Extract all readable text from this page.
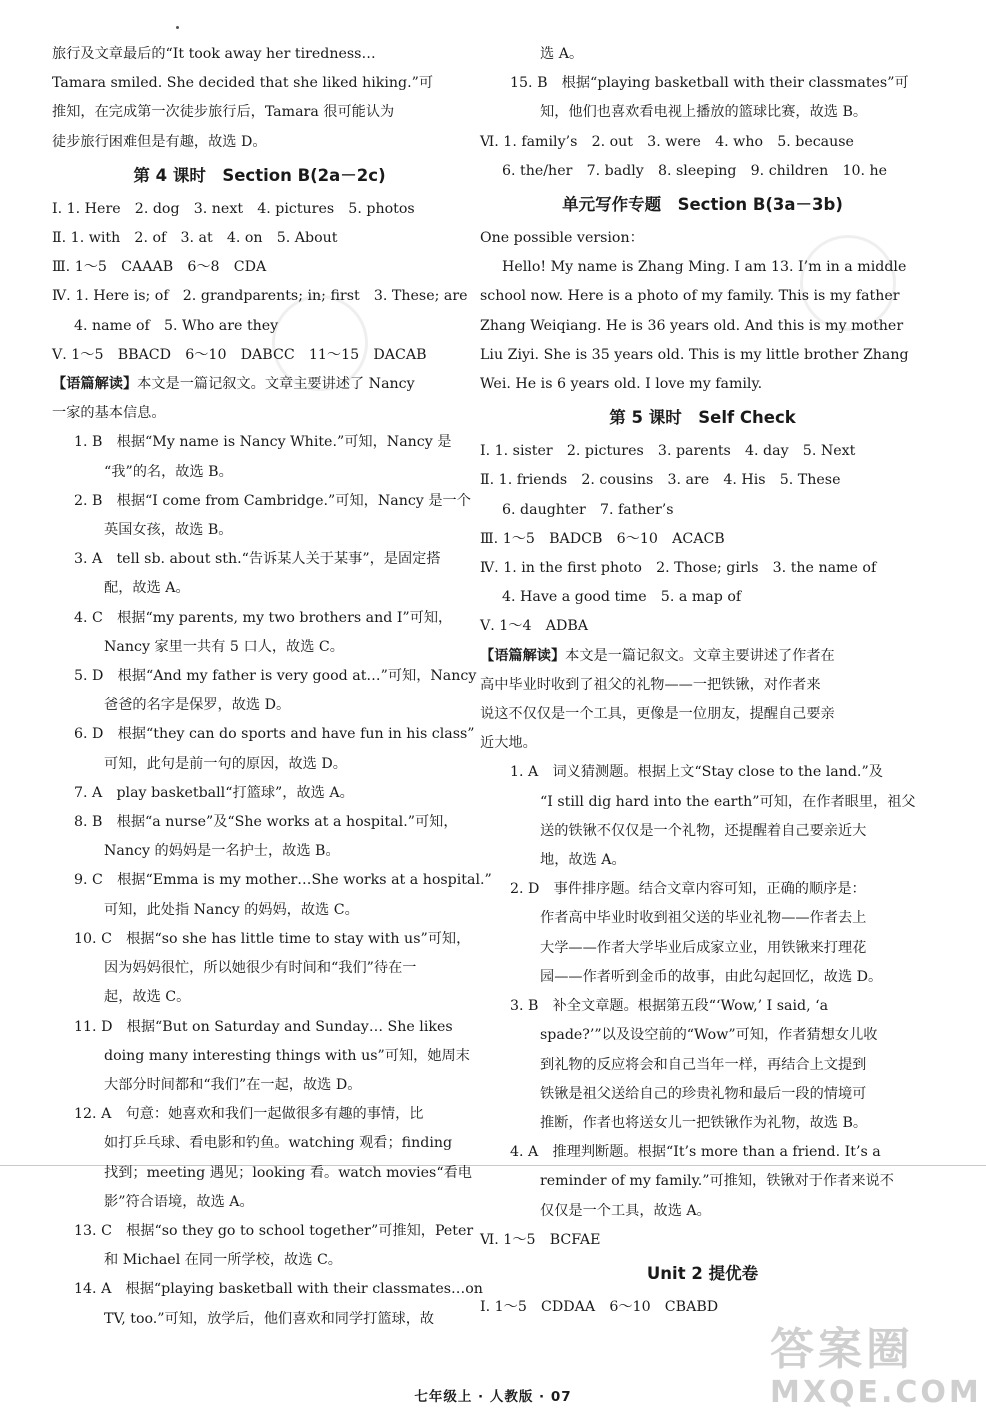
答案圈
MXQE.COM
旅行及文章最后的“It took away her tiredness…
Tamara smiled. She decided that she liked hiking.”可
推知，在完成第一次徒步旅行后，Tamara 很可能认为
徒步旅行困难但是有趣，故选 D。
第 4 课时　Section B(2a－2c)
Ⅰ. 1. Here　2. dog　3. next　4. pictures　5. photos
Ⅱ. 1. with　2. of　3. at　4. on　5. About
Ⅲ. 1～5　CAAAB　6～8　CDA
Ⅳ. 1. Here is; of　2. grandparents; in; first　3. These; are
4. name of　5. Who are they
Ⅴ. 1～5　BBACD　6～10　DABCC　11～15　DACAB
【语篇解读】本文是一篇记叙文。文章主要讲述了 Nancy
一家的基本信息。
1. B　根据“My name is Nancy White.”可知，Nancy 是
“我”的名，故选 B。
2. B　根据“I come from Cambridge.”可知，Nancy 是一个
英国女孩，故选 B。
3. A　tell sb. about sth.“告诉某人关于某事”，是固定搭
配，故选 A。
4. C　根据“my parents, my two brothers and I”可知，
Nancy 家里一共有 5 口人，故选 C。
5. D　根据“And my father is very good at…”可知，Nancy
爸爸的名字是保罗，故选 D。
6. D　根据“they can do sports and have fun in his class”
可知，此句是前一句的原因，故选 D。
7. A　play basketball“打篮球”，故选 A。
8. B　根据“a nurse”及“She works at a hospital.”可知，
Nancy 的妈妈是一名护士，故选 B。
9. C　根据“Emma is my mother…She works at a hospital.”
可知，此处指 Nancy 的妈妈，故选 C。
10. C　根据“so she has little time to stay with us”可知，
因为妈妈很忙，所以她很少有时间和“我们”待在一
起，故选 C。
11. D　根据“But on Saturday and Sunday… She likes
doing many interesting things with us”可知，她周末
大部分时间都和“我们”在一起，故选 D。
12. A　句意：她喜欢和我们一起做很多有趣的事情，比
如打乒乓球、看电影和钓鱼。watching 观看；finding
找到；meeting 遇见；looking 看。watch movies“看电
影”符合语境，故选 A。
13. C　根据“so they go to school together”可推知，Peter
和 Michael 在同一所学校，故选 C。
14. A　根据“playing basketball with their classmates…on
TV, too.”可知，放学后，他们喜欢和同学打篮球，故
选 A。
15. B　根据“playing basketball with their classmates”可
知，他们也喜欢看电视上播放的篮球比赛，故选 B。
Ⅵ. 1. family’s　2. out　3. were　4. who　5. because
6. the/her　7. badly　8. sleeping　9. children　10. he
单元写作专题　Section B(3a－3b)
One possible version：
Hello! My name is Zhang Ming. I am 13. I’m in a middle
school now. Here is a photo of my family. This is my father
Zhang Weiqiang. He is 36 years old. And this is my mother
Liu Ziyi. She is 35 years old. This is my little brother Zhang
Wei. He is 6 years old. I love my family.
第 5 课时　Self Check
Ⅰ. 1. sister　2. pictures　3. parents　4. day　5. Next
Ⅱ. 1. friends　2. cousins　3. are　4. His　5. These
6. daughter　7. father’s
Ⅲ. 1～5　BADCB　6～10　ACACB
Ⅳ. 1. in the first photo　2. Those; girls　3. the name of
4. Have a good time　5. a map of
Ⅴ. 1～4　ADBA
【语篇解读】本文是一篇记叙文。文章主要讲述了作者在
高中毕业时收到了祖父的礼物——一把铁锹，对作者来
说这不仅仅是一个工具，更像是一位朋友，提醒自己要亲
近大地。
1. A　词义猜测题。根据上文“Stay close to the land.”及
“I still dig hard into the earth”可知，在作者眼里，祖父
送的铁锹不仅仅是一个礼物，还提醒着自己要亲近大
地，故选 A。
2. D　事件排序题。结合文章内容可知，正确的顺序是：
作者高中毕业时收到祖父送的毕业礼物——作者去上
大学——作者大学毕业后成家立业，用铁锹来打理花
园——作者听到金币的故事，由此勾起回忆，故选 D。
3. B　补全文章题。根据第五段“‘Wow,’ I said, ‘a
spade?’”以及设空前的“Wow”可知，作者猜想女儿收
到礼物的反应将会和自己当年一样，再结合上文提到
铁锹是祖父送给自己的珍贵礼物和最后一段的情境可
推断，作者也将送女儿一把铁锹作为礼物，故选 B。
4. A　推理判断题。根据“It’s more than a friend. It’s a
reminder of my family.”可推知，铁锹对于作者来说不
仅仅是一个工具，故选 A。
Ⅵ. 1～5　BCFAE
Unit 2 提优卷
Ⅰ. 1～5　CDDAA　6～10　CBABD
七年级上 · 人教版 · 07
